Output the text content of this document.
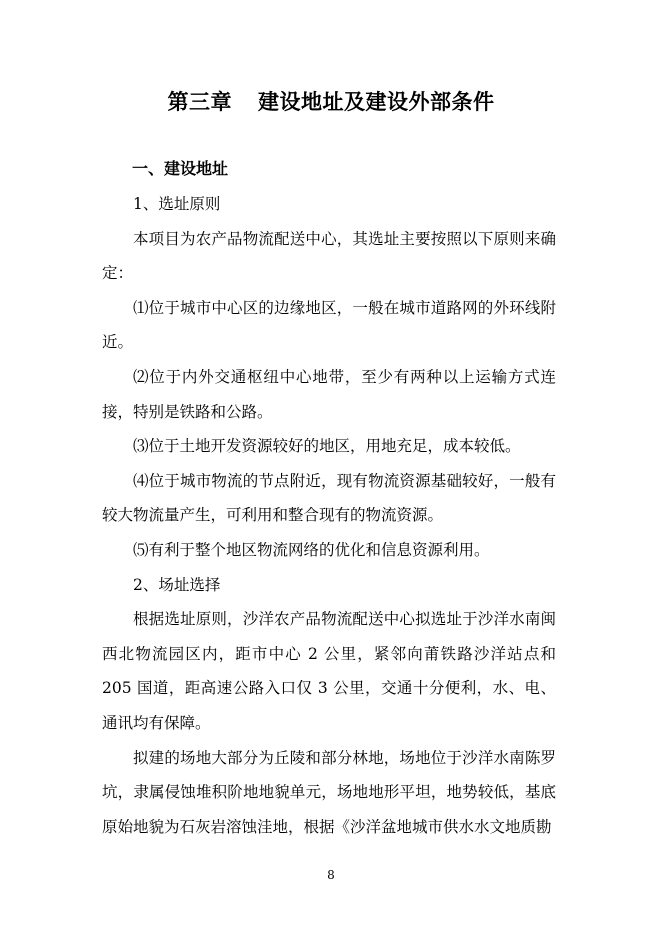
第三章 建设地址及建设外部条件
一、建设地址

1、选址原则

本项目为农产品物流配送中心，其选址主要按照以下原则来确定：

⑴位于城市中心区的边缘地区，一般在城市道路网的外环线附近。

⑵位于内外交通枢纽中心地带，至少有两种以上运输方式连接，特别是铁路和公路。

⑶位于土地开发资源较好的地区，用地充足，成本较低。

⑷位于城市物流的节点附近，现有物流资源基础较好，一般有较大物流量产生，可利用和整合现有的物流资源。

⑸有利于整个地区物流网络的优化和信息资源利用。

2、场址选择

根据选址原则，沙洋农产品物流配送中心拟选址于沙洋水南闽西北物流园区内，距市中心 2 公里，紧邻向莆铁路沙洋站点和 205 国道，距高速公路入口仅 3 公里，交通十分便利，水、电、通讯均有保障。

拟建的场地大部分为丘陵和部分林地，场地位于沙洋水南陈罗坑，隶属侵蚀堆积阶地地貌单元，场地地形平坦，地势较低，基底原始地貌为石灰岩溶蚀洼地，根据《沙洋盆地城市供水水文地质勘

8
